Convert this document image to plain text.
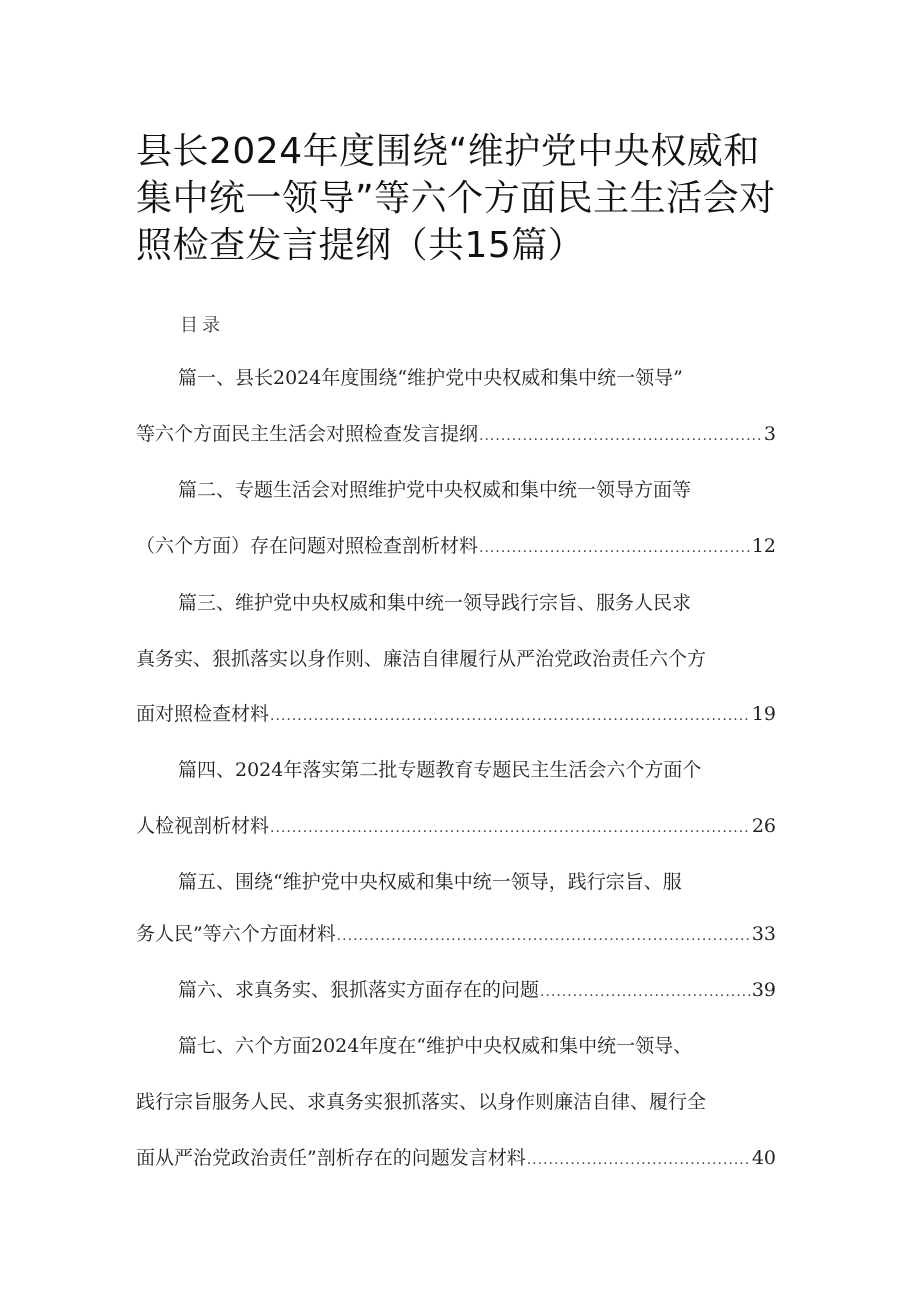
县长2024年度围绕“维护党中央权威和集中统一领导”等六个方面民主生活会对照检查发言提纲（共15篇）
目录
篇一、县长2024年度围绕“维护党中央权威和集中统一领导”
等六个方面民主生活会对照检查发言提纲 .....	3
篇二、专题生活会对照维护党中央权威和集中统一领导方面等
（六个方面）存在问题对照检查剖析材料 .....	12
篇三、维护党中央权威和集中统一领导践行宗旨、服务人民求
真务实、狠抓落实以身作则、廉洁自律履行从严治党政治责任六个方
面对照检查材料 .....	19
篇四、2024年落实第二批专题教育专题民主生活会六个方面个
人检视剖析材料 .....	26
篇五、围绕“维护党中央权威和集中统一领导，践行宗旨、服
务人民”等六个方面材料 .....	33
篇六、求真务实、狠抓落实方面存在的问题 .....	39
篇七、六个方面2024年度在“维护中央权威和集中统一领导、
践行宗旨服务人民、求真务实狠抓落实、以身作则廉洁自律、履行全
面从严治党政治责任”剖析存在的问题发言材料 .....	40
